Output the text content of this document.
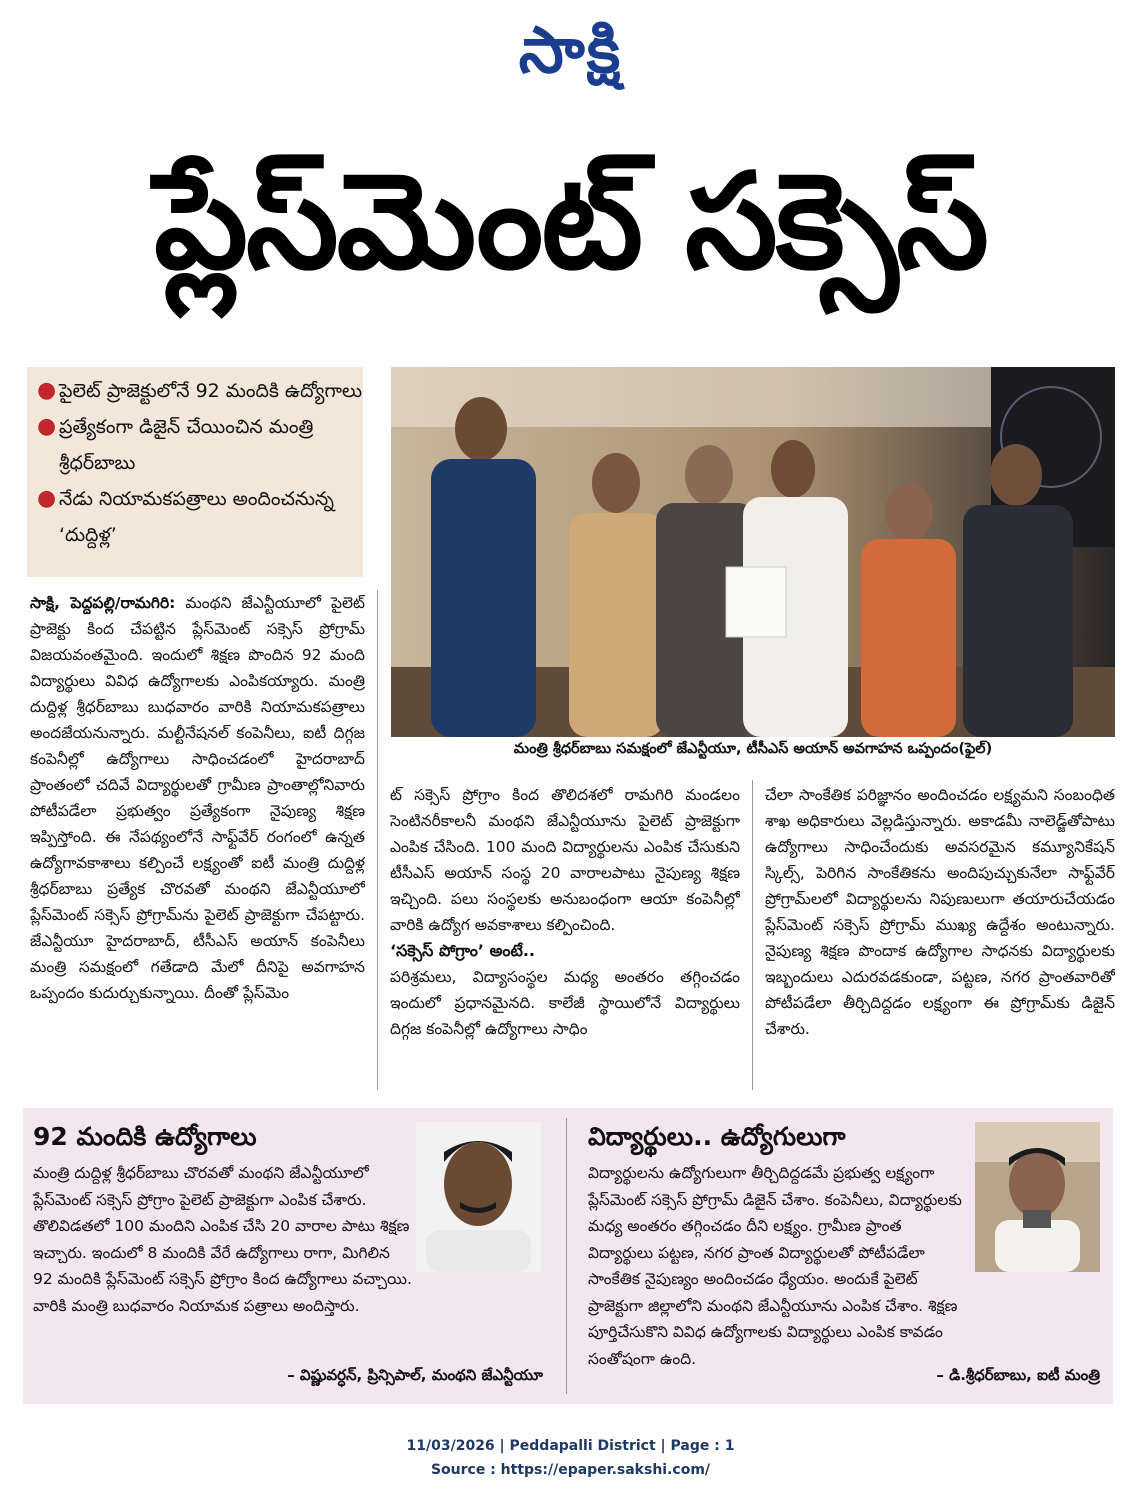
సాక్షి
ప్లేస్‌మెంట్ సక్సెస్
● పైలెట్ ప్రాజెక్టులోనే 92 మందికి ఉద్యోగాలు
● ప్రత్యేకంగా డిజైన్ చేయించిన మంత్రి శ్రీధర్‌బాబు
● నేడు నియామకపత్రాలు అందించనున్న ‘దుద్దిళ్ల’
సాక్షి, పెద్దపల్లి/రామగిరి: మంథని జేఎన్టీయూలో పైలెట్ ప్రాజెక్టు కింద చేపట్టిన ప్లేస్‌మెంట్ సక్సెస్ ప్రోగ్రామ్ విజయవంతమైంది. ఇందులో శిక్షణ పొందిన 92 మంది విద్యార్థులు వివిధ ఉద్యోగాలకు ఎంపికయ్యారు. మంత్రి దుద్దిళ్ల శ్రీధర్‌బాబు బుధవారం వారికి నియామకపత్రాలు అందజేయనున్నారు. మల్టీనేషనల్ కంపెనీలు, ఐటీ దిగ్గజ కంపెనీల్లో ఉద్యోగాలు సాధించడంలో హైదరాబాద్ ప్రాంతంలో చదివే విద్యార్థులతో గ్రామీణ ప్రాంతాల్లోనివారు పోటీపడేలా ప్రభుత్వం ప్రత్యేకంగా నైపుణ్య శిక్షణ ఇప్పిస్తోంది. ఈ నేపథ్యంలోనే సాఫ్ట్‌వేర్ రంగంలో ఉన్నత ఉద్యోగావకాశాలు కల్పించే లక్ష్యంతో ఐటీ మంత్రి దుద్దిళ్ల శ్రీధర్‌బాబు ప్రత్యేక చొరవతో మంథని జేఎన్టీయూలో ప్లేస్‌మెంట్ సక్సెస్ ప్రోగ్రామ్‌ను పైలెట్ ప్రాజెక్టుగా చేపట్టారు. జేఎన్టీయూ హైదరాబాద్, టీసీఎస్ అయాన్ కంపెనీలు మంత్రి సమక్షంలో గతేడాది మేలో దీనిపై అవగాహన ఒప్పందం కుదుర్చుకున్నాయి. దీంతో ప్లేస్‌మెం
మంత్రి శ్రీధర్‌బాబు సమక్షంలో జేఎన్టీయూ, టీసీఎస్ అయాన్ అవగాహన ఒప్పందం(ఫైల్)
ట్ సక్సెస్ ప్రోగ్రాం కింద తొలిదశలో రామగిరి మండలం సెంటినరీకాలనీ మంథని జేఎన్టీయూను పైలెట్ ప్రాజెక్టుగా ఎంపిక చేసింది. 100 మంది విద్యార్థులను ఎంపిక చేసుకుని టీసీఎస్ అయాన్ సంస్థ 20 వారాలపాటు నైపుణ్య శిక్షణ ఇచ్చింది. పలు సంస్థలకు అనుబంధంగా ఆయా కంపెనీల్లో వారికి ఉద్యోగ అవకాశాలు కల్పించింది.
‘సక్సెస్ పోగ్రాం’ అంటే..
పరిశ్రమలు, విద్యాసంస్థల మధ్య అంతరం తగ్గించడం ఇందులో ప్రధానమైనది. కాలేజీ స్థాయిలోనే విద్యార్థులు దిగ్గజ కంపెనీల్లో ఉద్యోగాలు సాధిం
చేలా సాంకేతిక పరిజ్ఞానం అందించడం లక్ష్యమని సంబంధిత శాఖ అధికారులు వెల్లడిస్తున్నారు. అకాడమీ నాలెడ్జ్‌తోపాటు ఉద్యోగాలు సాధించేందుకు అవసరమైన కమ్యూనికేషన్ స్కిల్స్, పెరిగిన సాంకేతికను అందిపుచ్చుకునేలా సాఫ్ట్‌వేర్ ప్రోగ్రామ్‌లలో విద్యార్థులను నిపుణులుగా తయారుచేయడం ప్లేస్‌మెంట్ సక్సెస్ ప్రోగ్రామ్ ముఖ్య ఉద్దేశం అంటున్నారు. నైపుణ్య శిక్షణ పొందాక ఉద్యోగాల సాధనకు విద్యార్థులకు ఇబ్బందులు ఎదురవడకుండా, పట్టణ, నగర ప్రాంతవారితో పోటీపడేలా తీర్చిదిద్దడం లక్ష్యంగా ఈ ప్రోగ్రామ్‌కు డిజైన్ చేశారు.
92 మందికి ఉద్యోగాలు
మంత్రి దుద్దిళ్ల శ్రీధర్‌బాబు చొరవతో మంథని జేఎన్టీయూలో ప్లేస్‌మెంట్ సక్సెస్ ప్రోగ్రాం పైలెట్ ప్రాజెక్టుగా ఎంపిక చేశారు. తొలివిడతలో 100 మందిని ఎంపిక చేసి 20 వారాల పాటు శిక్షణ ఇచ్చారు. ఇందులో 8 మందికి వేరే ఉద్యోగాలు రాగా, మిగిలిన 92 మందికి ప్లేస్‌మెంట్ సక్సెస్ ప్రోగ్రాం కింద ఉద్యోగాలు వచ్చాయి. వారికి మంత్రి బుధవారం నియామక పత్రాలు అందిస్తారు.
– విష్ణువర్ధన్, ప్రిన్సిపాల్, మంథని జేఎన్టీయూ
విద్యార్థులు.. ఉద్యోగులుగా
విద్యార్థులను ఉద్యోగులుగా తీర్చిదిద్దడమే ప్రభుత్వ లక్ష్యంగా ప్లేస్‌మెంట్ సక్సెస్ ప్రోగ్రామ్ డిజైన్ చేశాం. కంపెనీలు, విద్యార్థులకు మధ్య అంతరం తగ్గించడం దీని లక్ష్యం. గ్రామీణ ప్రాంత విద్యార్థులు పట్టణ, నగర ప్రాంత విద్యార్థులతో పోటీపడేలా సాంకేతిక నైపుణ్యం అందించడం ధ్యేయం. అందుకే పైలెట్ ప్రాజెక్టుగా జిల్లాలోని మంథని జేఎన్టీయూను ఎంపిక చేశాం. శిక్షణ పూర్తిచేసుకొని వివిధ ఉద్యోగాలకు విద్యార్థులు ఎంపిక కావడం సంతోషంగా ఉంది.
– డి.శ్రీధర్‌బాబు, ఐటీ మంత్రి
11/03/2026 | Peddapalli District | Page : 1
Source : https://epaper.sakshi.com/
